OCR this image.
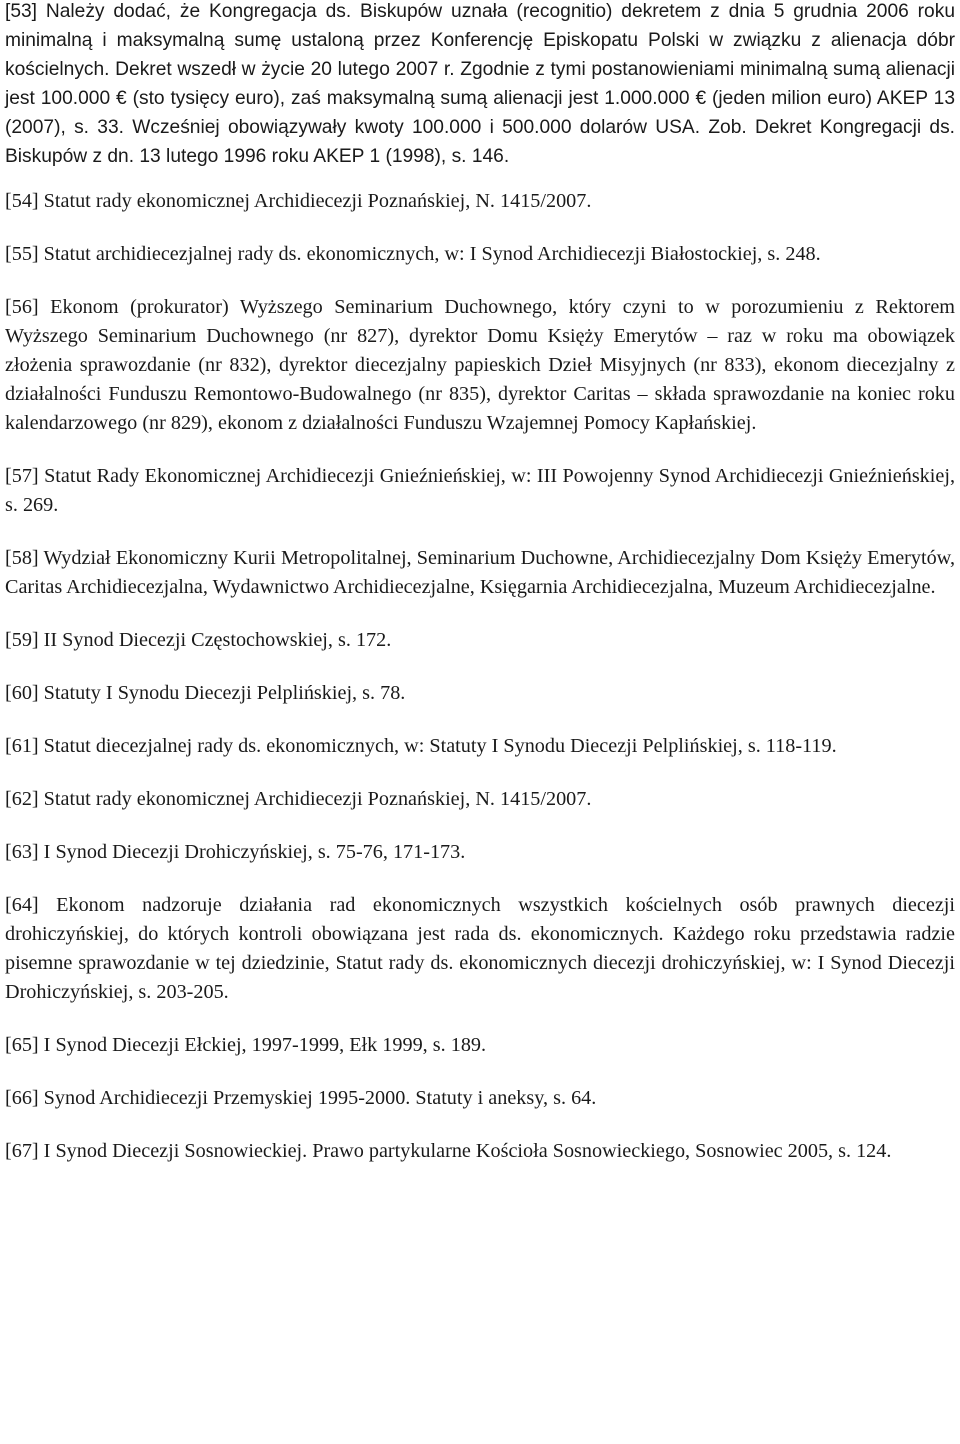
[53] Należy dodać, że Kongregacja ds. Biskupów uznała (recognitio) dekretem z dnia 5 grudnia 2006 roku minimalną i maksymalną sumę ustaloną przez Konferencję Episkopatu Polski w związku z alienacja dóbr kościelnych. Dekret wszedł w życie 20 lutego 2007 r. Zgodnie z tymi postanowieniami minimalną sumą alienacji jest 100.000 € (sto tysięcy euro), zaś maksymalną sumą alienacji jest 1.000.000 € (jeden milion euro) AKEP 13 (2007), s. 33. Wcześniej obowiązywały kwoty 100.000 i 500.000 dolarów USA. Zob. Dekret Kongregacji ds. Biskupów z dn. 13 lutego 1996 roku AKEP 1 (1998), s. 146.

[54] Statut rady ekonomicznej Archidiecezji Poznańskiej, N. 1415/2007.

[55] Statut archidiecezjalnej rady ds. ekonomicznych, w: I Synod Archidiecezji Białostockiej, s. 248.

[56] Ekonom (prokurator) Wyższego Seminarium Duchownego, który czyni to w porozumieniu z Rektorem Wyższego Seminarium Duchownego (nr 827), dyrektor Domu Księży Emerytów – raz w roku ma obowiązek złożenia sprawozdanie (nr 832), dyrektor diecezjalny papieskich Dzieł Misyjnych (nr 833), ekonom diecezjalny z działalności Funduszu Remontowo-Budowalnego (nr 835), dyrektor Caritas – składa sprawozdanie na koniec roku kalendarzowego (nr 829), ekonom z działalności Funduszu Wzajemnej Pomocy Kapłańskiej.

[57] Statut Rady Ekonomicznej Archidiecezji Gnieźnieńskiej, w: III Powojenny Synod Archidiecezji Gnieźnieńskiej, s. 269.

[58] Wydział Ekonomiczny Kurii Metropolitalnej, Seminarium Duchowne, Archidiecezjalny Dom Księży Emerytów, Caritas Archidiecezjalna, Wydawnictwo Archidiecezjalne, Księgarnia Archidiecezjalna, Muzeum Archidiecezjalne.

[59] II Synod Diecezji Częstochowskiej, s. 172.

[60] Statuty I Synodu Diecezji Pelplińskiej, s. 78.

[61] Statut diecezjalnej rady ds. ekonomicznych, w: Statuty I Synodu Diecezji Pelplińskiej, s. 118-119.

[62] Statut rady ekonomicznej Archidiecezji Poznańskiej, N. 1415/2007.

[63] I Synod Diecezji Drohiczyńskiej, s. 75-76, 171-173.

[64] Ekonom nadzoruje działania rad ekonomicznych wszystkich kościelnych osób prawnych diecezji drohiczyńskiej, do których kontroli obowiązana jest rada ds. ekonomicznych. Każdego roku przedstawia radzie pisemne sprawozdanie w tej dziedzinie, Statut rady ds. ekonomicznych diecezji drohiczyńskiej, w: I Synod Diecezji Drohiczyńskiej, s. 203-205.

[65] I Synod Diecezji Ełckiej, 1997-1999, Ełk 1999, s. 189.

[66] Synod Archidiecezji Przemyskiej 1995-2000. Statuty i aneksy, s. 64.

[67] I Synod Diecezji Sosnowieckiej. Prawo partykularne Kościoła Sosnowieckiego, Sosnowiec 2005, s. 124.
